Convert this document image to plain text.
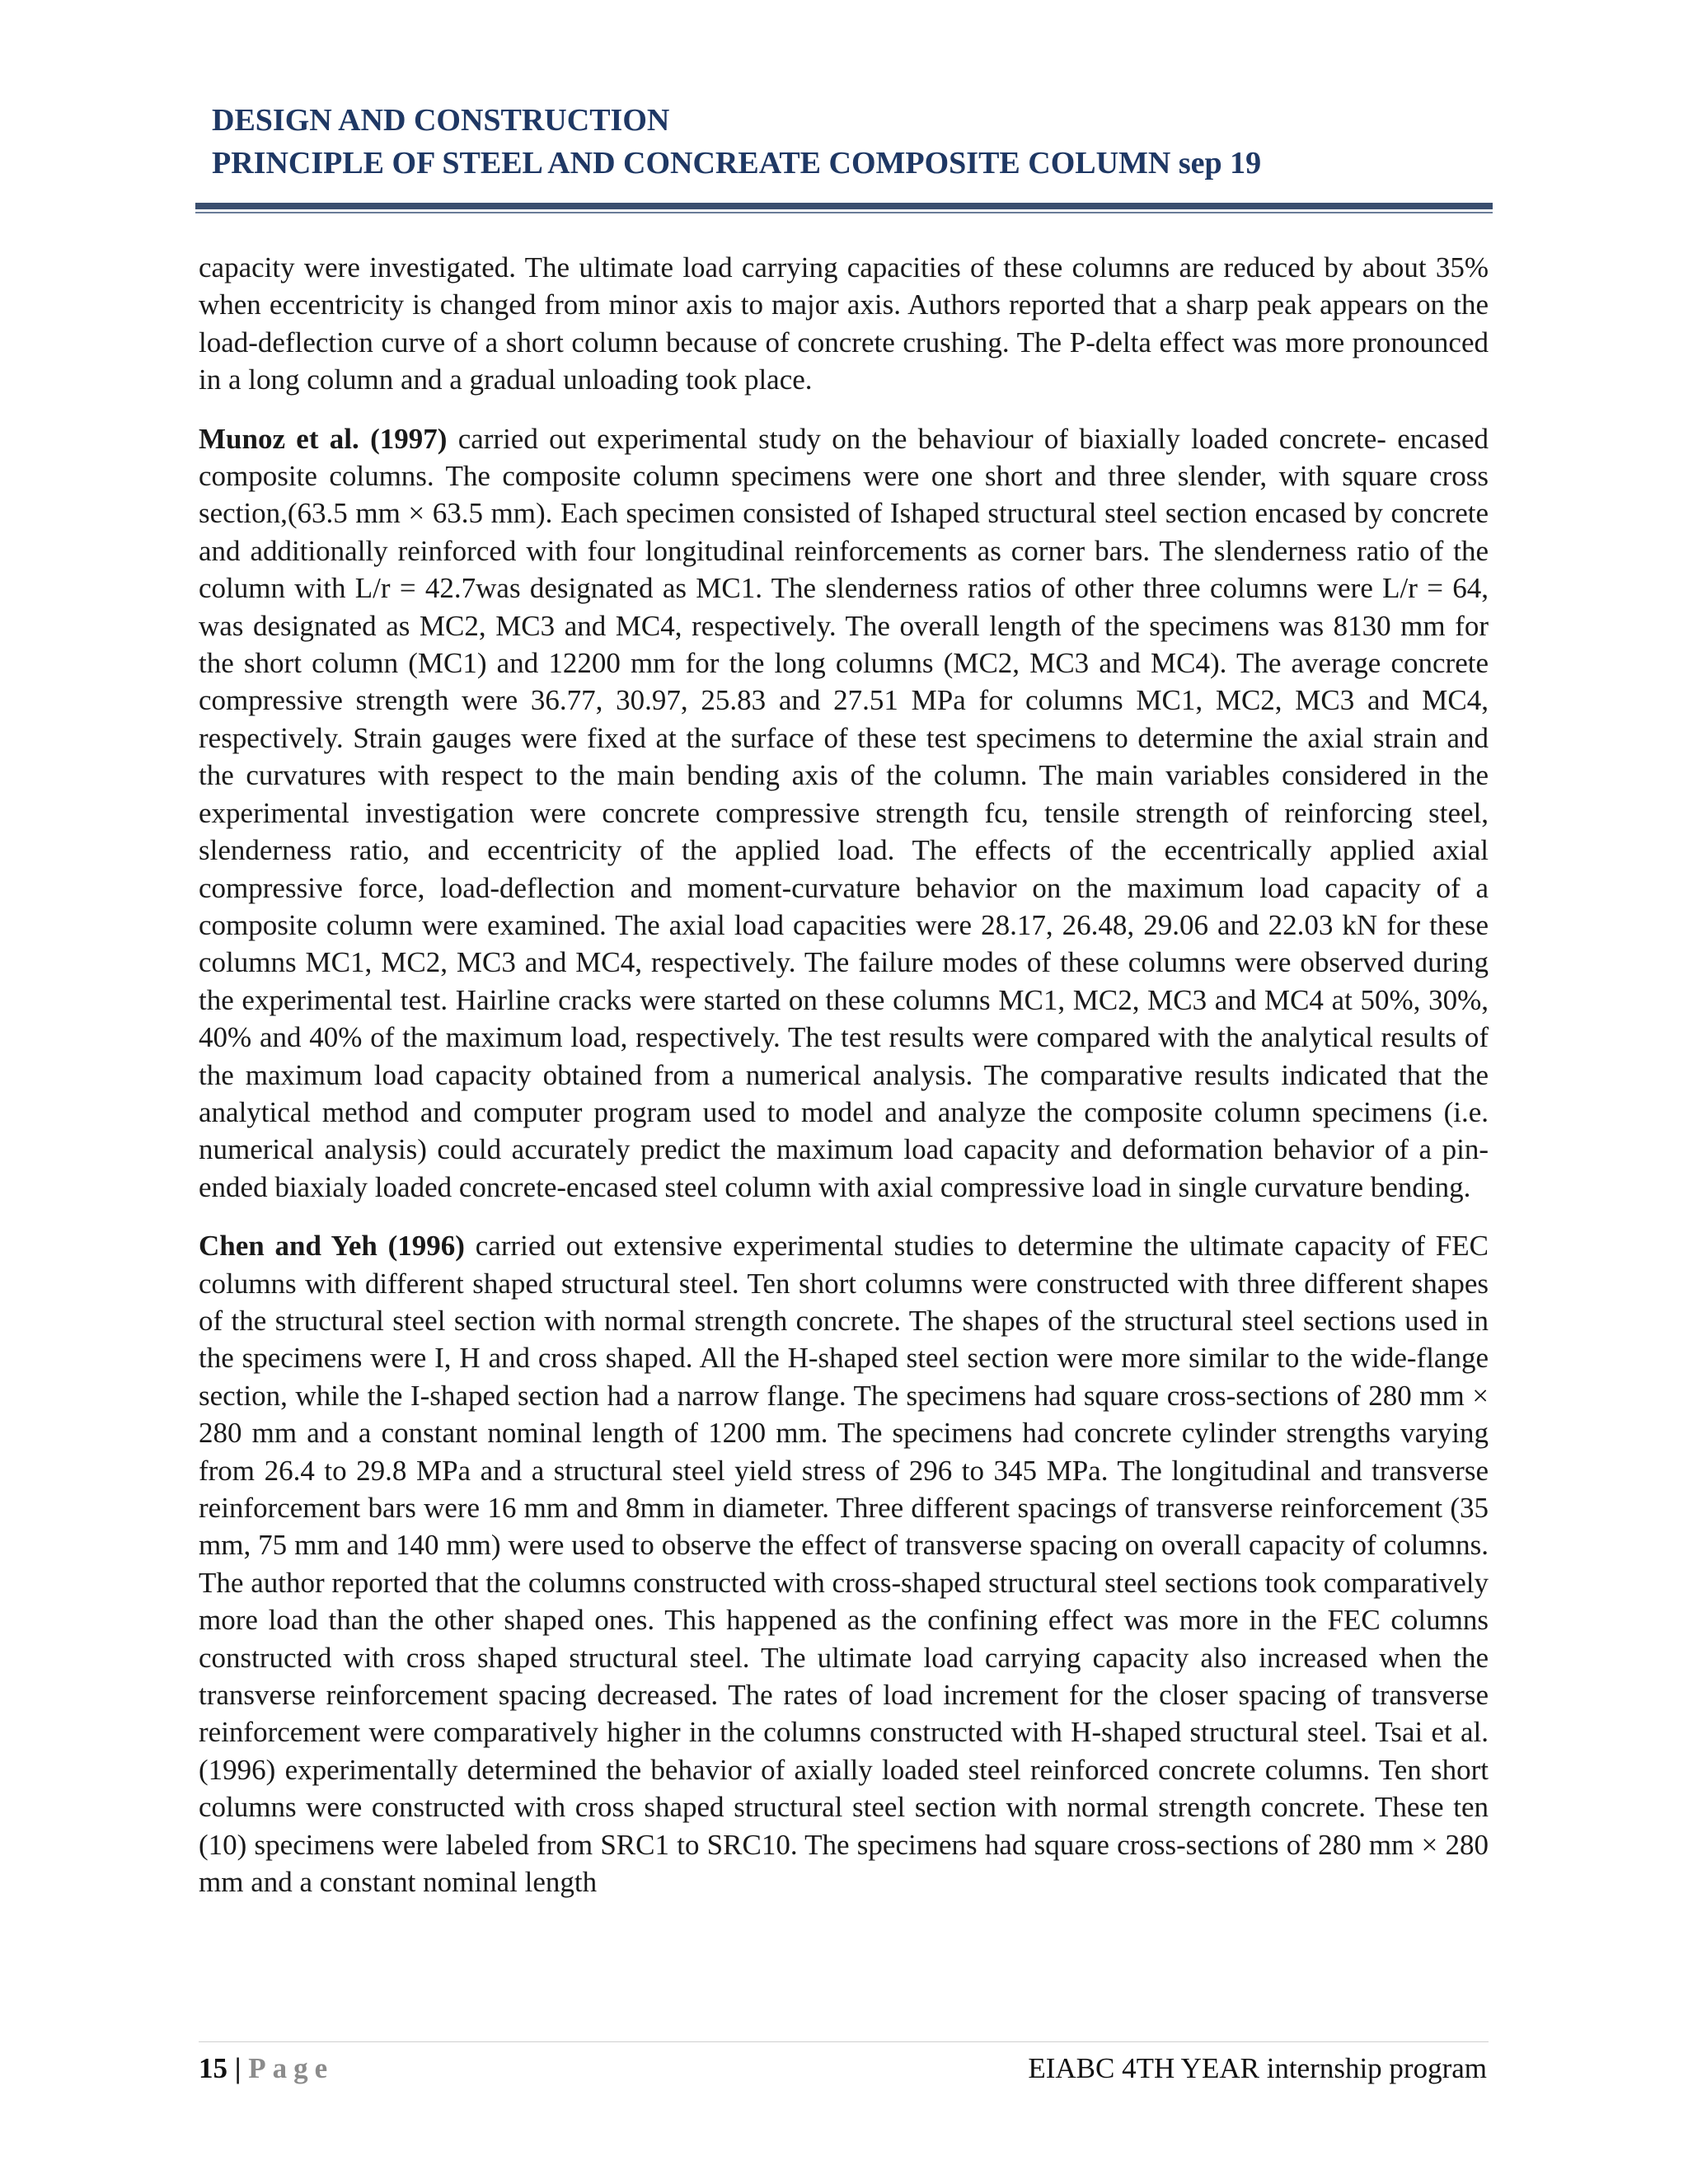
DESIGN AND CONSTRUCTION
PRINCIPLE OF STEEL AND CONCREATE COMPOSITE COLUMN sep 19

capacity were investigated. The ultimate load carrying capacities of these columns are reduced by about 35% when eccentricity is changed from minor axis to major axis. Authors reported that a sharp peak appears on the load-deflection curve of a short column because of concrete crushing. The P-delta effect was more pronounced in a long column and a gradual unloading took place.

Munoz et al. (1997) carried out experimental study on the behaviour of biaxially loaded concrete- encased composite columns. The composite column specimens were one short and three slender, with square cross section,(63.5 mm × 63.5 mm). Each specimen consisted of Ishaped structural steel section encased by concrete and additionally reinforced with four longitudinal reinforcements as corner bars. The slenderness ratio of the column with L/r = 42.7was designated as MC1. The slenderness ratios of other three columns were L/r = 64, was designated as MC2, MC3 and MC4, respectively. The overall length of the specimens was 8130 mm for the short column (MC1) and 12200 mm for the long columns (MC2, MC3 and MC4). The average concrete compressive strength were 36.77, 30.97, 25.83 and 27.51 MPa for columns MC1, MC2, MC3 and MC4, respectively. Strain gauges were fixed at the surface of these test specimens to determine the axial strain and the curvatures with respect to the main bending axis of the column. The main variables considered in the experimental investigation were concrete compressive strength fcu, tensile strength of reinforcing steel, slenderness ratio, and eccentricity of the applied load. The effects of the eccentrically applied axial compressive force, load-deflection and moment-curvature behavior on the maximum load capacity of a composite column were examined. The axial load capacities were 28.17, 26.48, 29.06 and 22.03 kN for these columns MC1, MC2, MC3 and MC4, respectively. The failure modes of these columns were observed during the experimental test. Hairline cracks were started on these columns MC1, MC2, MC3 and MC4 at 50%, 30%, 40% and 40% of the maximum load, respectively. The test results were compared with the analytical results of the maximum load capacity obtained from a numerical analysis. The comparative results indicated that the analytical method and computer program used to model and analyze the composite column specimens (i.e. numerical analysis) could accurately predict the maximum load capacity and deformation behavior of a pin-ended biaxialy loaded concrete-encased steel column with axial compressive load in single curvature bending.

Chen and Yeh (1996) carried out extensive experimental studies to determine the ultimate capacity of FEC columns with different shaped structural steel. Ten short columns were constructed with three different shapes of the structural steel section with normal strength concrete. The shapes of the structural steel sections used in the specimens were I, H and cross shaped. All the H-shaped steel section were more similar to the wide-flange section, while the I-shaped section had a narrow flange. The specimens had square cross-sections of 280 mm × 280 mm and a constant nominal length of 1200 mm. The specimens had concrete cylinder strengths varying from 26.4 to 29.8 MPa and a structural steel yield stress of 296 to 345 MPa. The longitudinal and transverse reinforcement bars were 16 mm and 8mm in diameter. Three different spacings of transverse reinforcement (35 mm, 75 mm and 140 mm) were used to observe the effect of transverse spacing on overall capacity of columns. The author reported that the columns constructed with cross-shaped structural steel sections took comparatively more load than the other shaped ones. This happened as the confining effect was more in the FEC columns constructed with cross shaped structural steel. The ultimate load carrying capacity also increased when the transverse reinforcement spacing decreased. The rates of load increment for the closer spacing of transverse reinforcement were comparatively higher in the columns constructed with H-shaped structural steel. Tsai et al. (1996) experimentally determined the behavior of axially loaded steel reinforced concrete columns. Ten short columns were constructed with cross shaped structural steel section with normal strength concrete. These ten (10) specimens were labeled from SRC1 to SRC10. The specimens had square cross-sections of 280 mm × 280 mm and a constant nominal length

15 | Page	EIABC 4TH YEAR internship program
